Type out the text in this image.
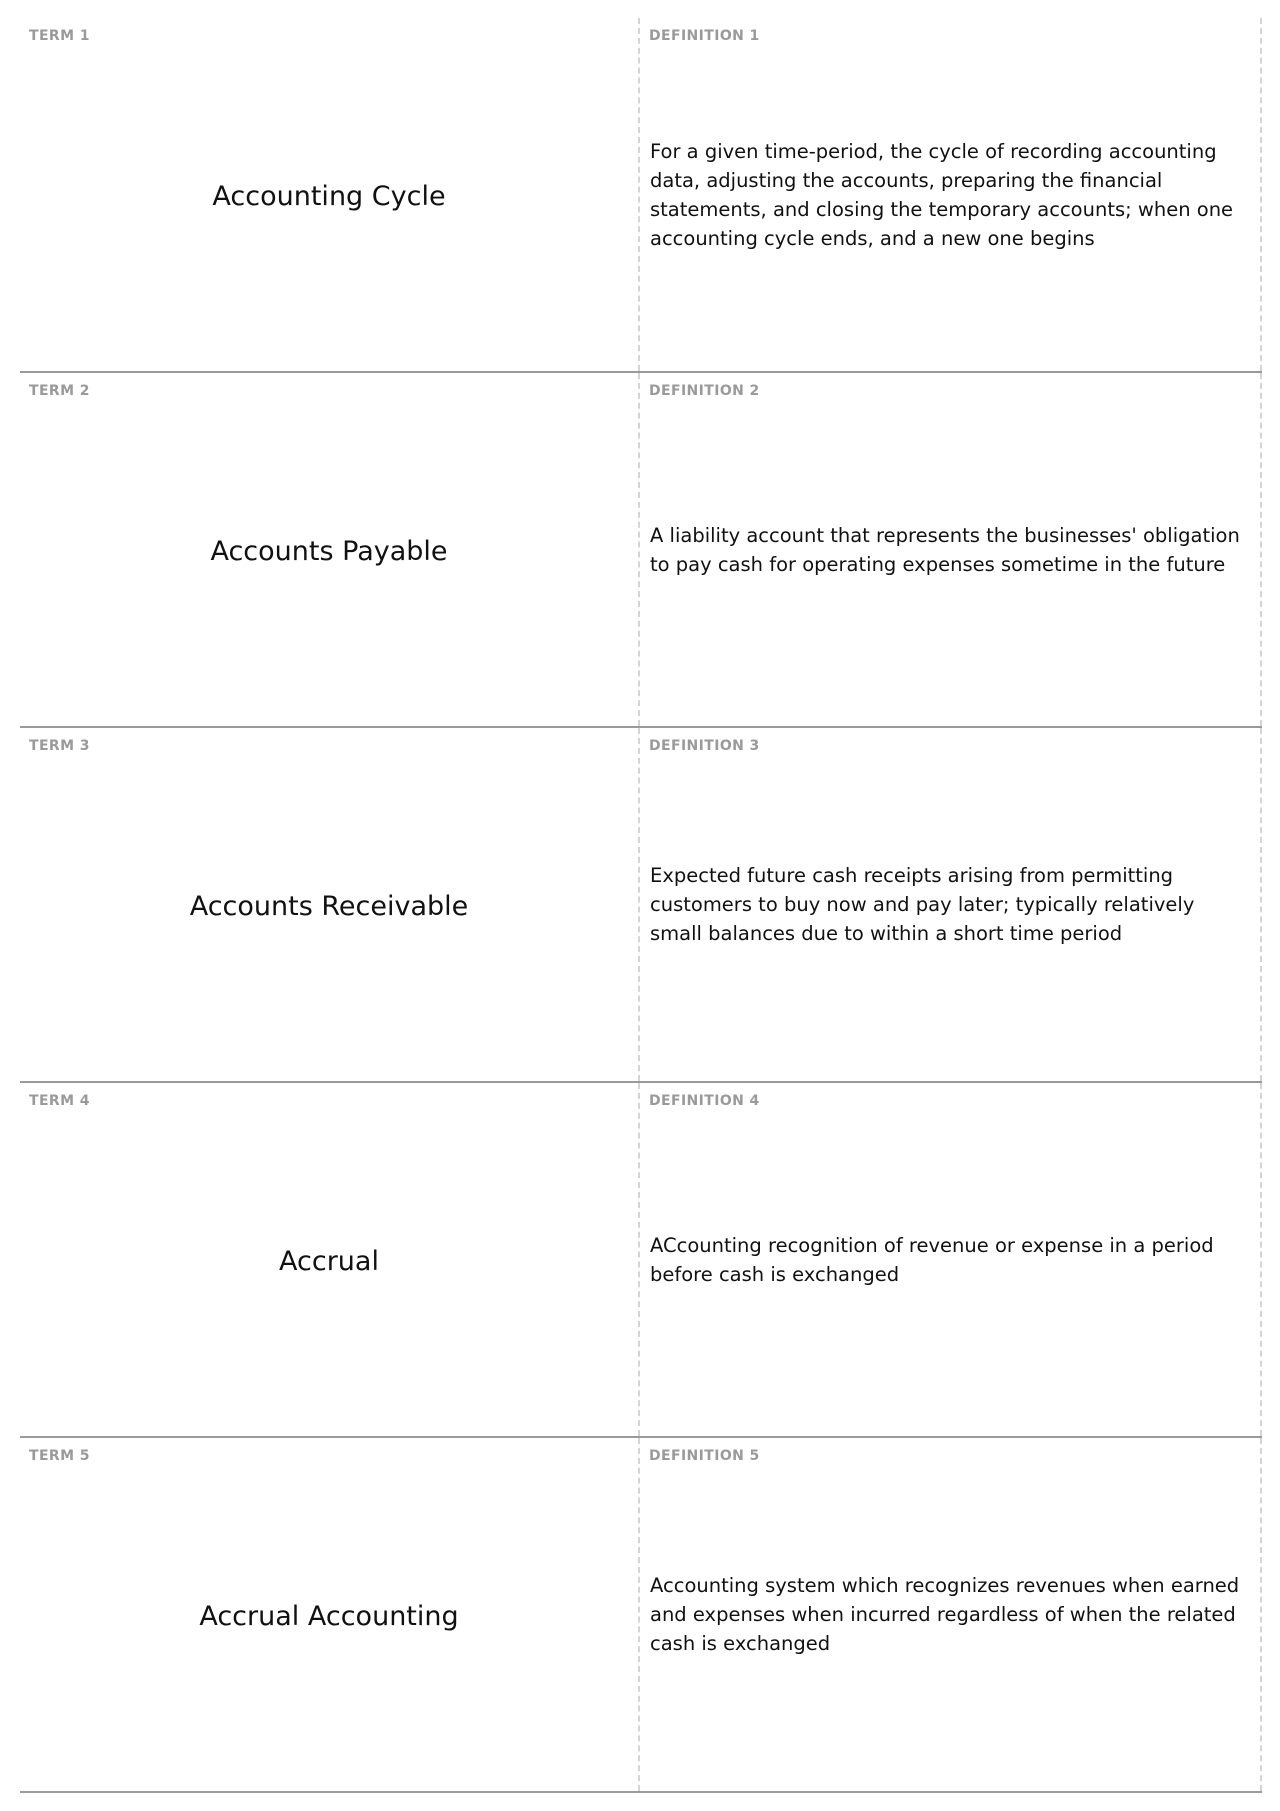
TERM 1
Accounting Cycle
DEFINITION 1
For a given time-period, the cycle of recording accounting data, adjusting the accounts, preparing the financial statements, and closing the temporary accounts; when one accounting cycle ends, and a new one begins
TERM 2
Accounts Payable
DEFINITION 2
A liability account that represents the businesses' obligation to pay cash for operating expenses sometime in the future
TERM 3
Accounts Receivable
DEFINITION 3
Expected future cash receipts arising from permitting customers to buy now and pay later; typically relatively small balances due to within a short time period
TERM 4
Accrual
DEFINITION 4
ACcounting recognition of revenue or expense in a period before cash is exchanged
TERM 5
Accrual Accounting
DEFINITION 5
Accounting system which recognizes revenues when earned and expenses when incurred regardless of when the related cash is exchanged
